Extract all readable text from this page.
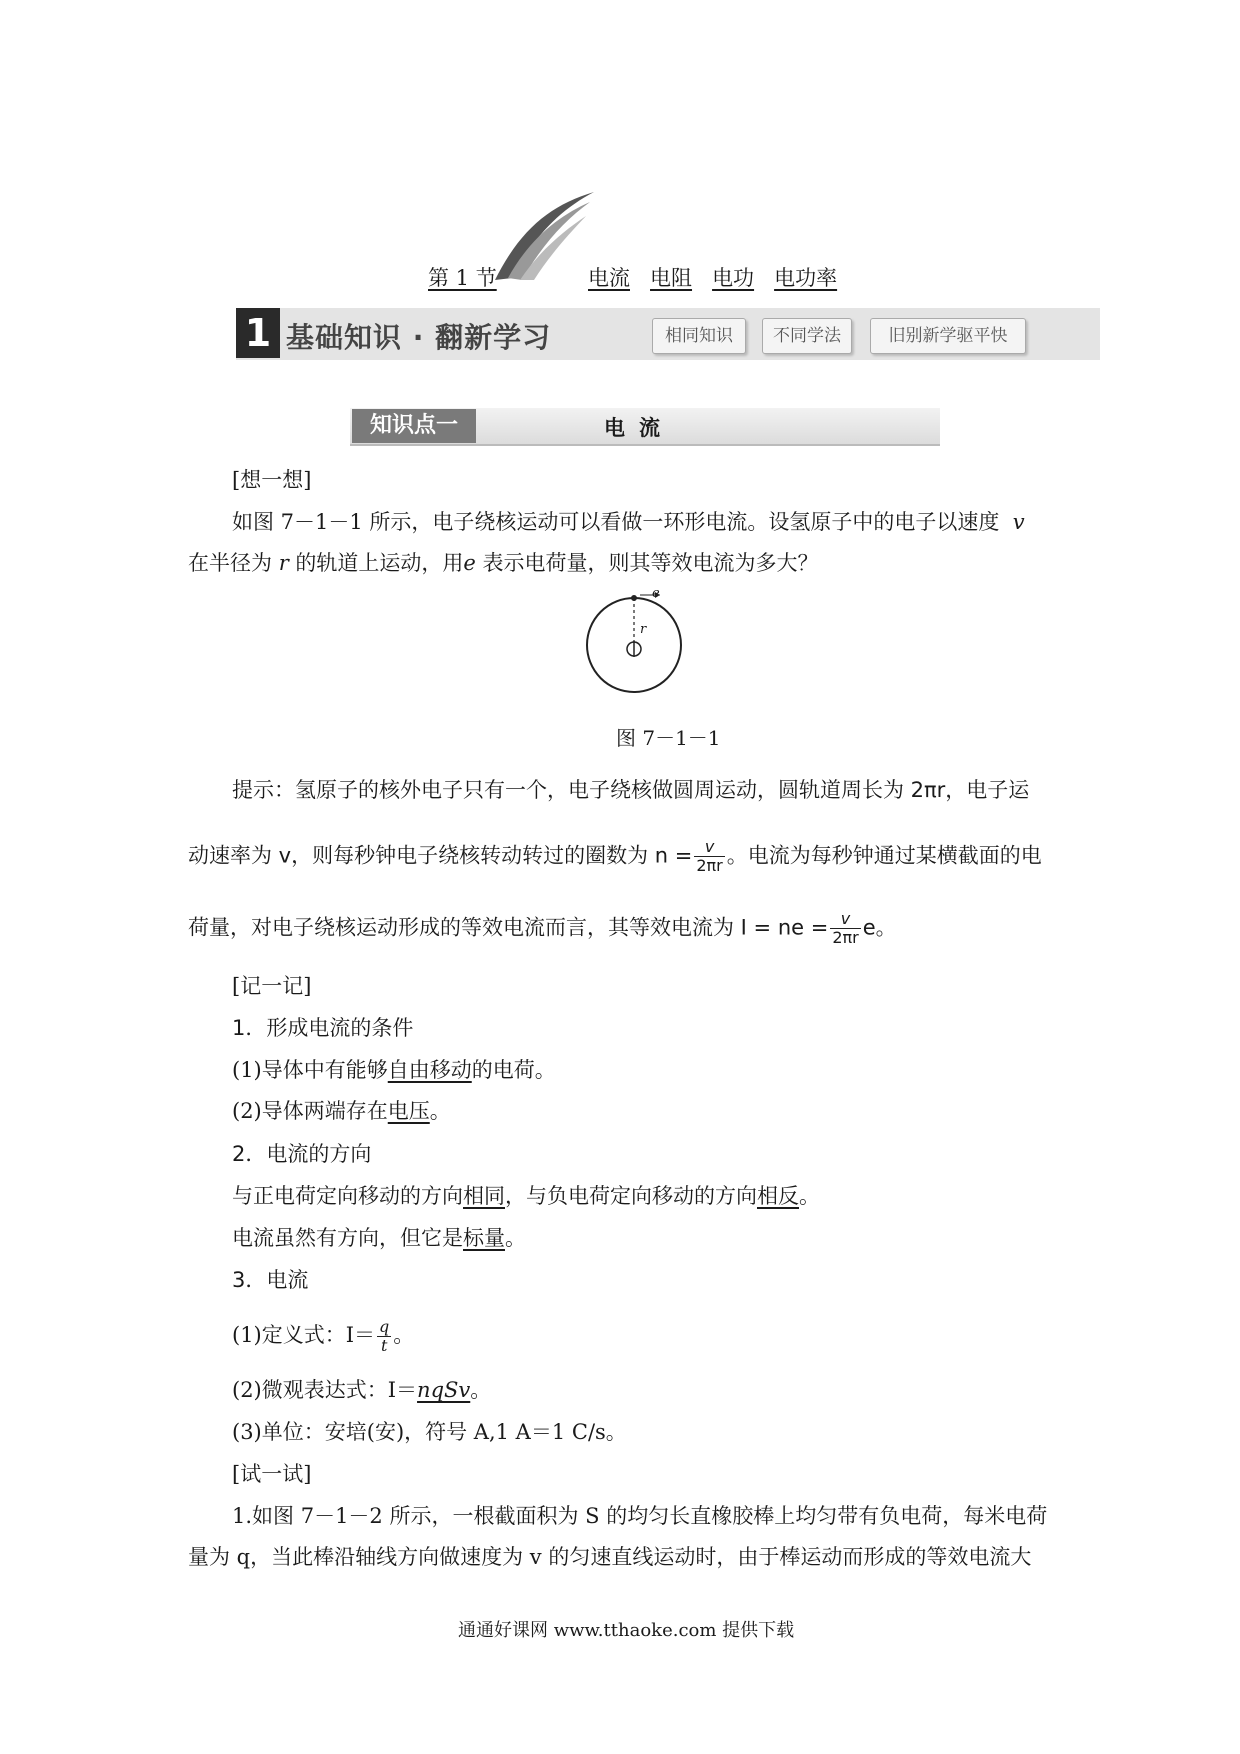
第 1 节	电流 电阻 电功 电功率
1 基础知识 · 翻新学习	相同知识	不同学法	旧别新学驱平快
知识点一	电流
[想一想]
如图 7－1－1 所示，电子绕核运动可以看做一环形电流。设氢原子中的电子以速度 v
在半径为 r 的轨道上运动，用e 表示电荷量，则其等效电流为多大？
e
r
图 7－1－1
提示：氢原子的核外电子只有一个，电子绕核做圆周运动，圆轨道周长为 2πr，电子运
动速率为 v，则每秒钟电子绕核转动转过的圈数为 $n = \frac{v}{2\pi r}$ 。电流为每秒钟通过某横截面的电
荷量，对电子绕核运动形成的等效电流而言，其等效电流为 I = ne = $\frac{v}{2\pi r}$ e。
[记一记]
1．形成电流的条件
(1)导体中有能够自由移动的电荷。
(2)导体两端存在电压。
2．电流的方向
与正电荷定向移动的方向相同，与负电荷定向移动的方向相反。
电流虽然有方向，但它是标量。
3．电流
(1)定义式：$I= \frac{q}{t}$ 。
(2)微观表达式：I＝nqSv。
(3)单位：安培(安)，符号 A,1 A＝1 C/s。
[试一试]
1.如图 7－1－2 所示，一根截面积为 S 的均匀长直橡胶棒上均匀带有负电荷，每米电荷
量为 q，当此棒沿轴线方向做速度为 v 的匀速直线运动时，由于棒运动而形成的等效电流大
通通好课网 www.tthaoke.com 提供下载
